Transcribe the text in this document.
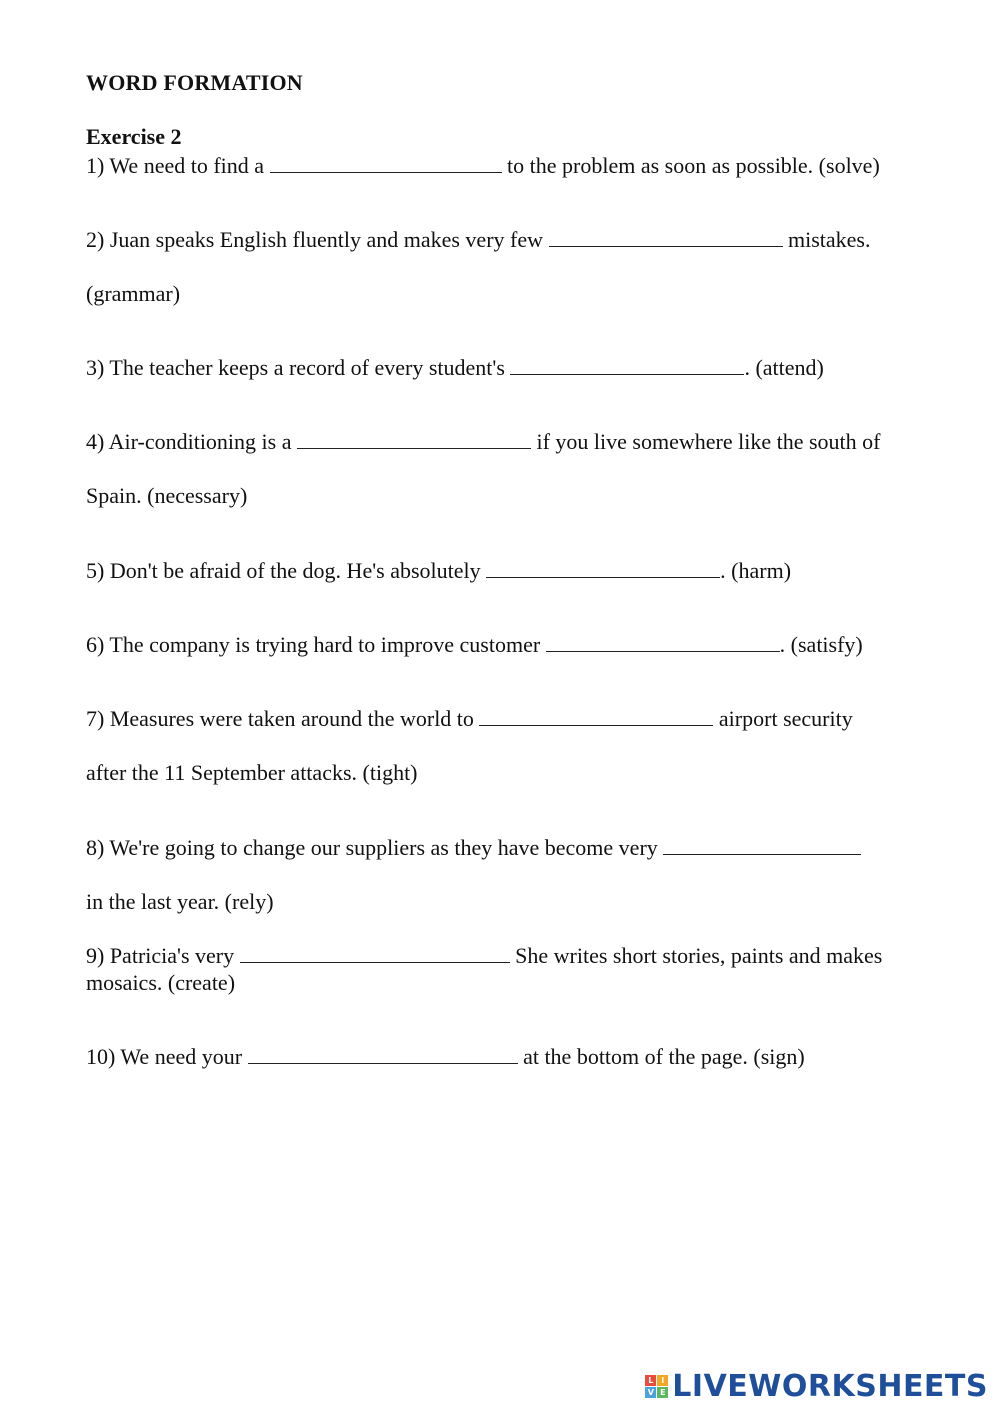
WORD FORMATION
Exercise 2
1) We need to find a	to the problem as soon as possible. (solve)
2) Juan speaks English fluently and makes very few	mistakes.
(grammar)
3) The teacher keeps a record of every student's	. (attend)
4) Air-conditioning is a	if you live somewhere like the south of
Spain. (necessary)
5) Don't be afraid of the dog. He's absolutely	. (harm)
6) The company is trying hard to improve customer	. (satisfy)
7) Measures were taken around the world to	airport security
after the 11 September attacks. (tight)
8) We're going to change our suppliers as they have become very
in the last year. (rely)
9) Patricia's very	She writes short stories, paints and makes
mosaics. (create)
10) We need your	at the bottom of the page. (sign)
L I
V E LIVEWORKSHEETS
